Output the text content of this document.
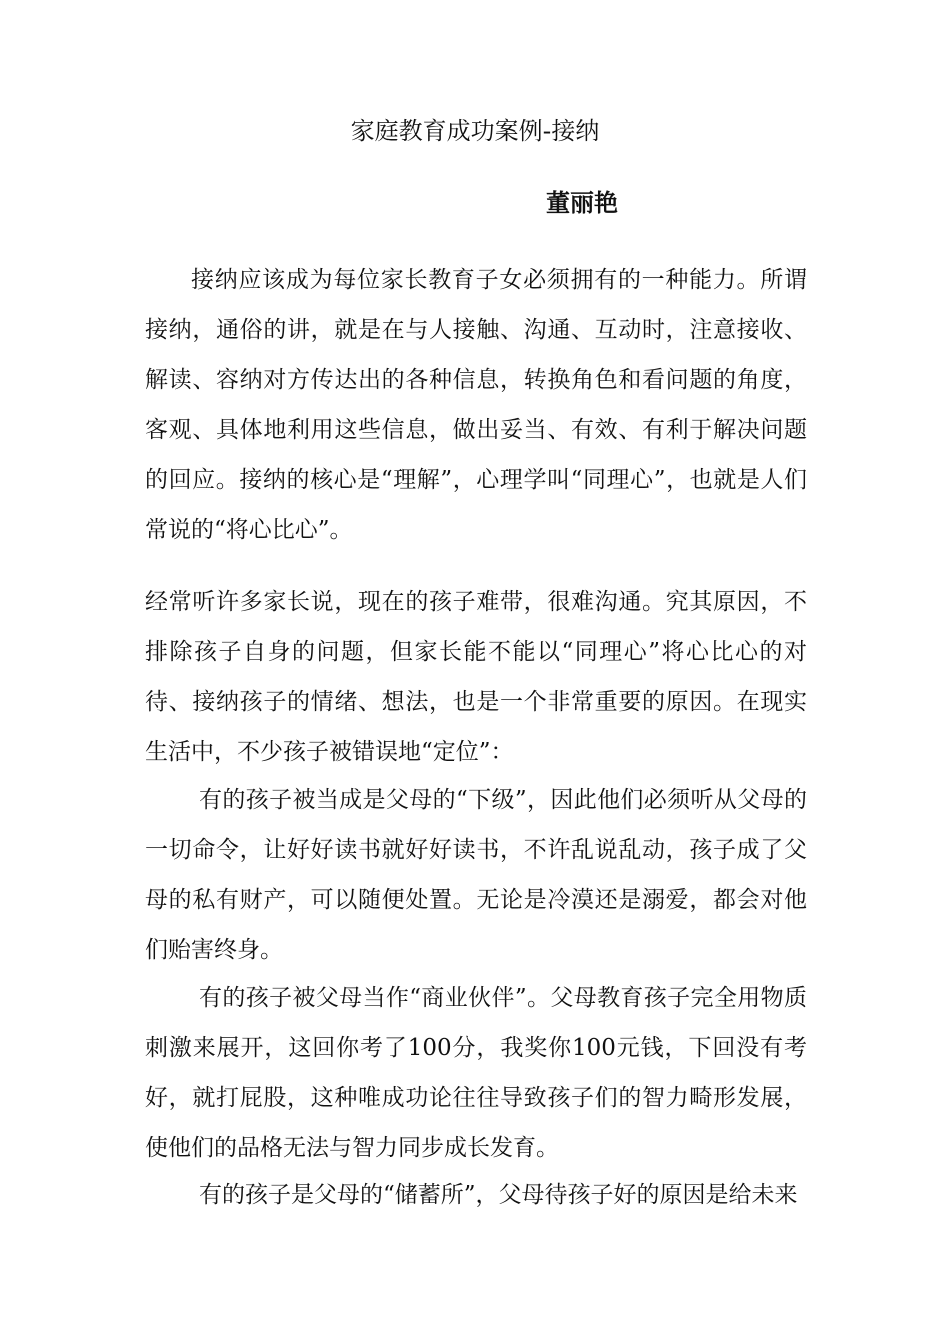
家庭教育成功案例-接纳
董丽艳

接纳应该成为每位家长教育子女必须拥有的一种能力。所谓接纳，通俗的讲，就是在与人接触、沟通、互动时，注意接收、解读、容纳对方传达出的各种信息，转换角色和看问题的角度，客观、具体地利用这些信息，做出妥当、有效、有利于解决问题的回应。接纳的核心是“理解”，心理学叫“同理心”，也就是人们常说的“将心比心”。

经常听许多家长说，现在的孩子难带，很难沟通。究其原因，不排除孩子自身的问题，但家长能不能以“同理心”将心比心的对待、接纳孩子的情绪、想法，也是一个非常重要的原因。在现实生活中，不少孩子被错误地“定位”：

有的孩子被当成是父母的“下级”，因此他们必须听从父母的一切命令，让好好读书就好好读书，不许乱说乱动，孩子成了父母的私有财产，可以随便处置。无论是冷漠还是溺爱，都会对他们贻害终身。

有的孩子被父母当作“商业伙伴”。父母教育孩子完全用物质刺激来展开，这回你考了100分，我奖你100元钱，下回没有考好，就打屁股，这种唯成功论往往导致孩子们的智力畸形发展，使他们的品格无法与智力同步成长发育。

有的孩子是父母的“储蓄所”，父母待孩子好的原因是给未来
